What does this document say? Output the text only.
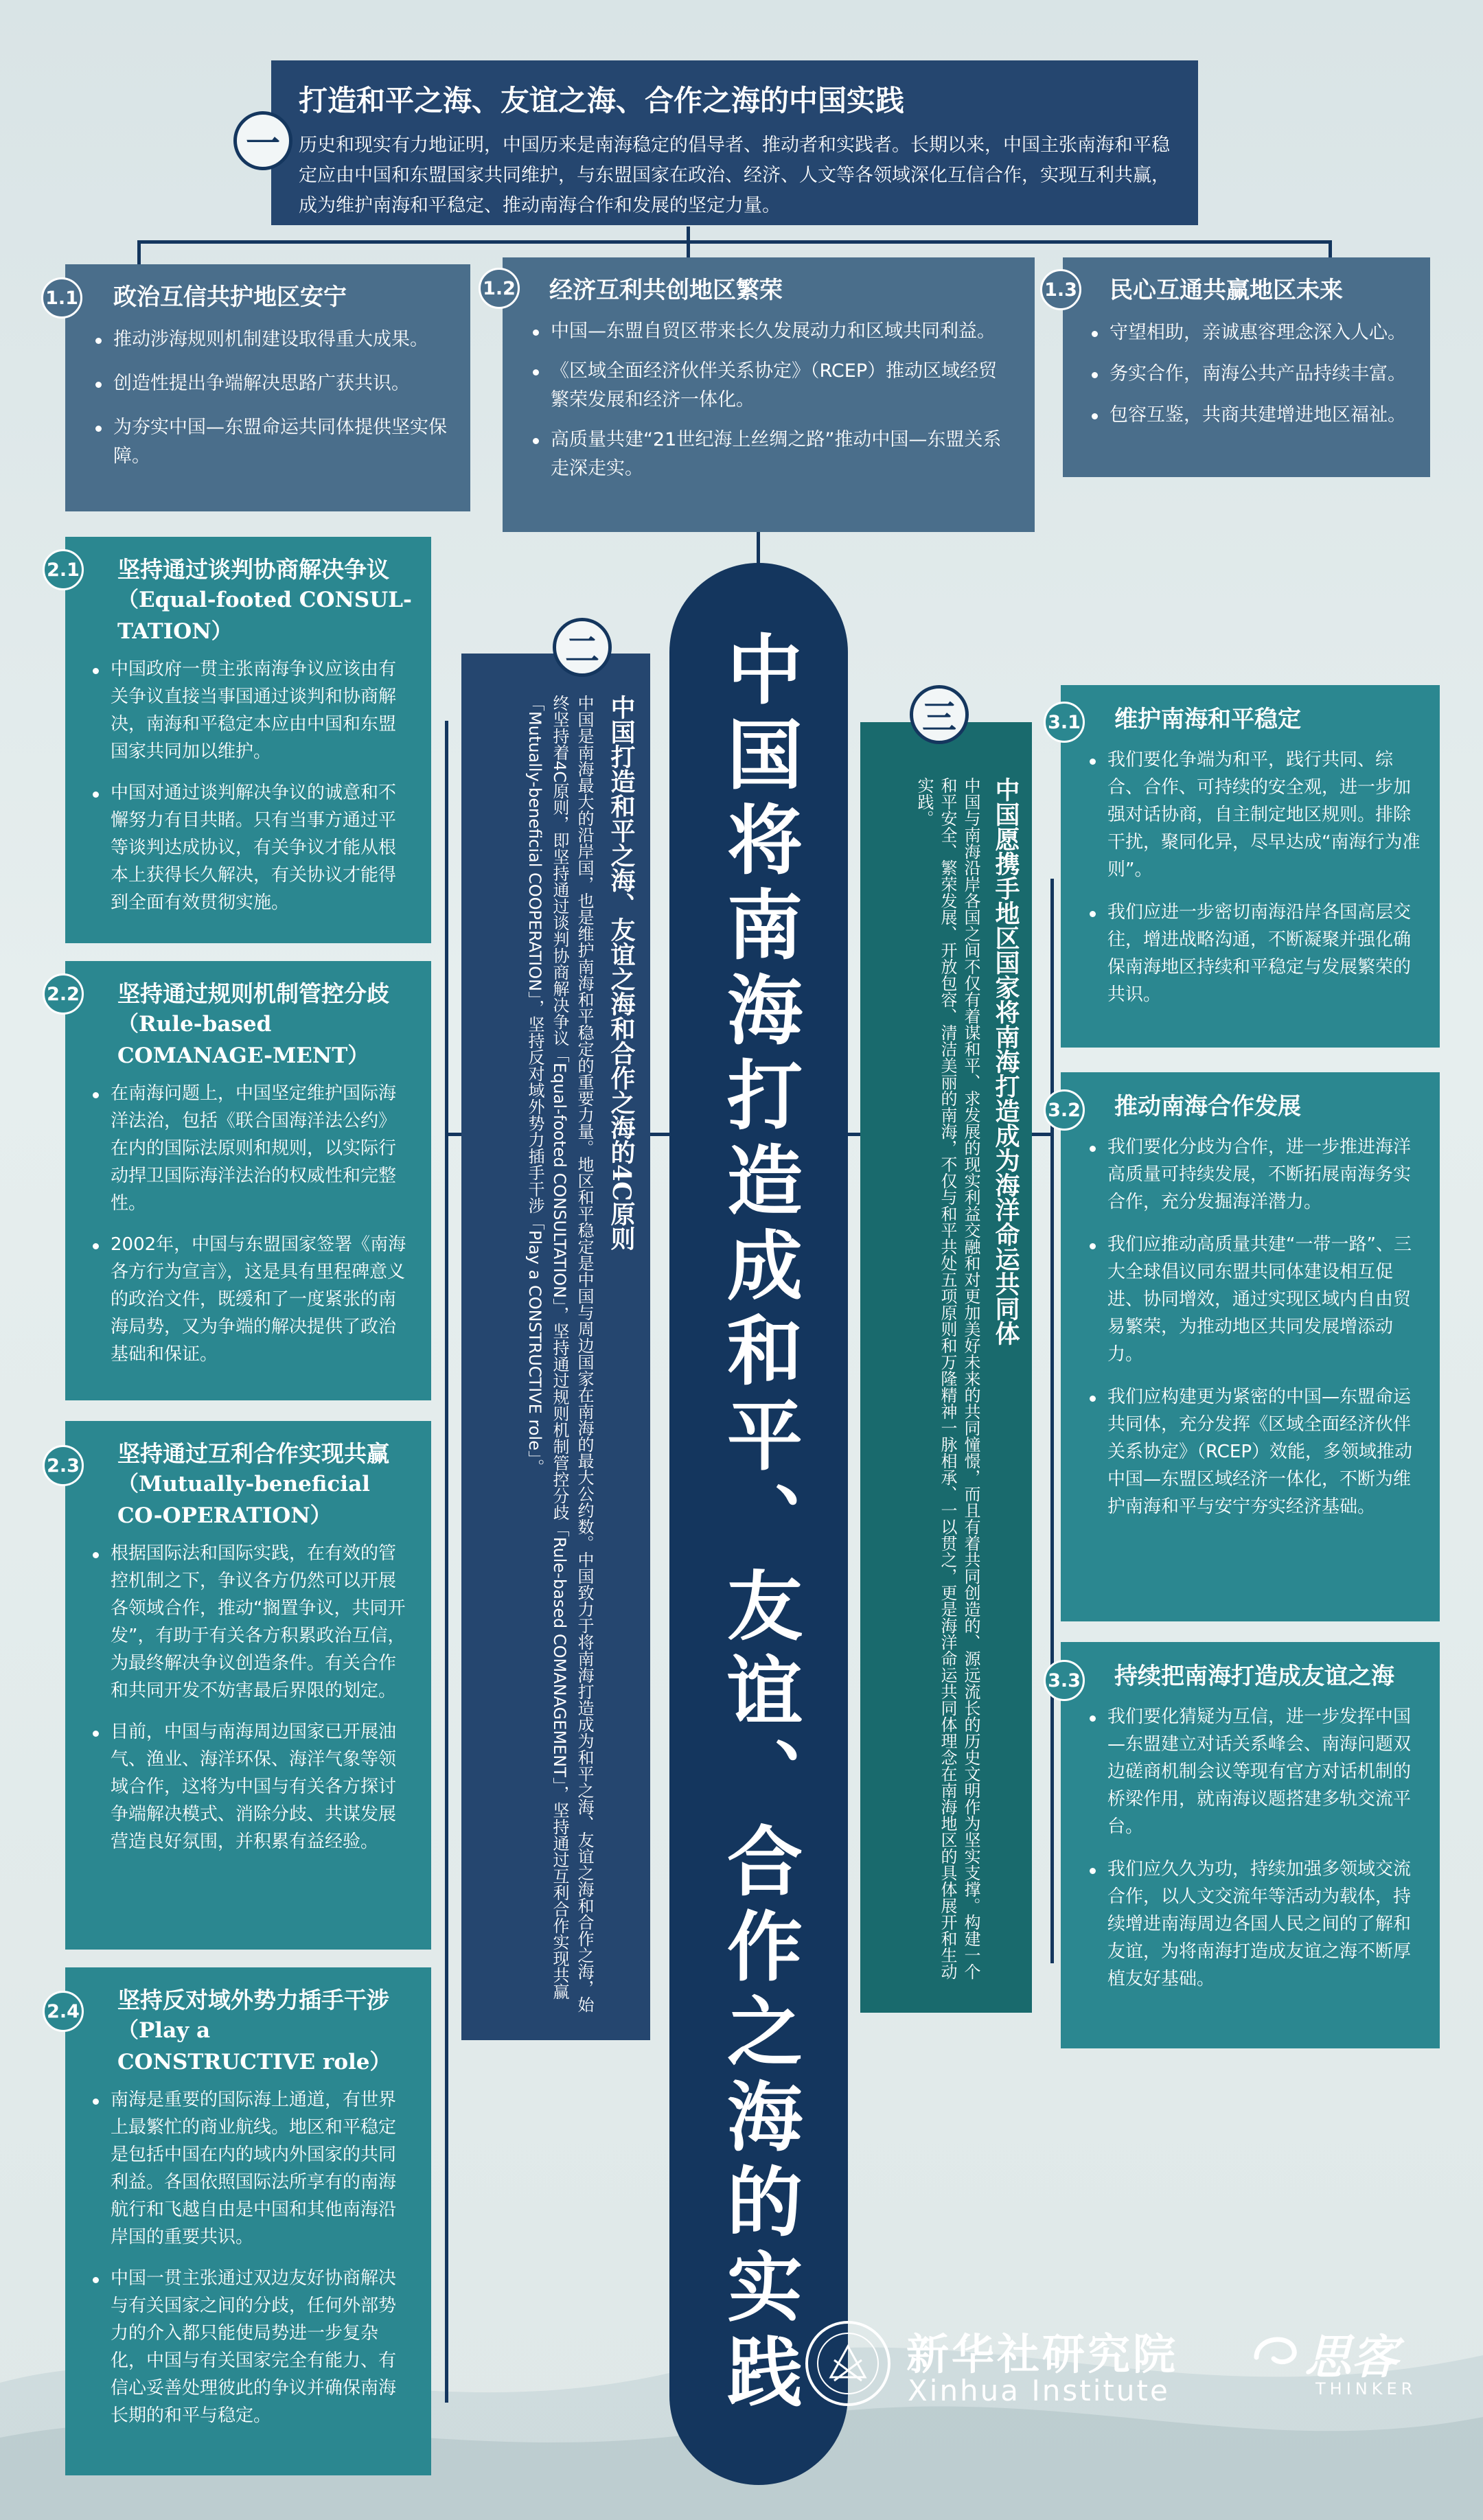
打造和平之海、友谊之海、合作之海的中国实践
历史和现实有力地证明，中国历来是南海稳定的倡导者、推动者和实践者。长期以来，中国主张南海和平稳定应由中国和东盟国家共同维护，与东盟国家在政治、经济、人文等各领域深化互信合作，实现互利共赢，成为维护南海和平稳定、推动南海合作和发展的坚定力量。
一
政治互信共护地区安宁
推动涉海规则机制建设取得重大成果。
创造性提出争端解决思路广获共识。
为夯实中国—东盟命运共同体提供坚实保障。
1.1	经济互利共创地区繁荣
中国—东盟自贸区带来长久发展动力和区域共同利益。
《区域全面经济伙伴关系协定》（RCEP）推动区域经贸繁荣发展和经济一体化。
高质量共建“21世纪海上丝绸之路”推动中国—东盟关系走深走实。
1.2	民心互通共赢地区未来
守望相助，亲诚惠容理念深入人心。
务实合作，南海公共产品持续丰富。
包容互鉴，共商共建增进地区福祉。
1.3
中国将南海打造成和平、友谊、合作之海的实践
中国打造和平之海、友谊之海和合作之海的4C原则
中国是南海最大的沿岸国，也是维护南海和平稳定的重要力量。地区和平稳定是中国与周边国家在南海的最大公约数。中国致力于将南海打造成为和平之海、友谊之海和合作之海，始终坚持着4C原则，即坚持通过谈判协商解决争议「Equal-footed CONSULTATION」，坚持通过规则机制管控分歧「Rule-based COMANAGEMENT」，坚持通过互利合作实现共赢「Mutually-beneficial COOPERATION」，坚持反对域外势力插手干涉「Play a CONSTRUCTIVE role」。
二
中国愿携手地区国家将南海打造成为海洋命运共同体
中国与南海沿岸各国之间不仅有着谋和平、求发展的现实利益交融和对更加美好未来的共同憧憬，而且有着共同创造的、源远流长的历史文明作为坚实支撑。构建一个和平安全、繁荣发展、开放包容、清洁美丽的南海，不仅与和平共处五项原则和万隆精神一脉相承、一以贯之，更是海洋命运共同体理念在南海地区的具体展开和生动实践。
三
坚持通过谈判协商解决争议
（Equal-footed CONSUL-TATION）
中国政府一贯主张南海争议应该由有关争议直接当事国通过谈判和协商解决，南海和平稳定本应由中国和东盟国家共同加以维护。
中国对通过谈判解决争议的诚意和不懈努力有目共睹。只有当事方通过平等谈判达成协议，有关争议才能从根本上获得长久解决，有关协议才能得到全面有效贯彻实施。
2.1
坚持通过规则机制管控分歧
（Rule-based COMANAGE-MENT）
在南海问题上，中国坚定维护国际海洋法治，包括《联合国海洋法公约》在内的国际法原则和规则，以实际行动捍卫国际海洋法治的权威性和完整性。
2002年，中国与东盟国家签署《南海各方行为宣言》，这是具有里程碑意义的政治文件，既缓和了一度紧张的南海局势，又为争端的解决提供了政治基础和保证。
2.2
坚持通过互利合作实现共赢
（Mutually-beneficial CO-OPERATION）
根据国际法和国际实践，在有效的管控机制之下，争议各方仍然可以开展各领域合作，推动“搁置争议，共同开发”，有助于有关各方积累政治互信，为最终解决争议创造条件。有关合作和共同开发不妨害最后界限的划定。
目前，中国与南海周边国家已开展油气、渔业、海洋环保、海洋气象等领域合作，这将为中国与有关各方探讨争端解决模式、消除分歧、共谋发展营造良好氛围，并积累有益经验。
2.3
坚持反对域外势力插手干涉
（Play a CONSTRUCTIVE role）
南海是重要的国际海上通道，有世界上最繁忙的商业航线。地区和平稳定是包括中国在内的域内外国家的共同利益。各国依照国际法所享有的南海航行和飞越自由是中国和其他南海沿岸国的重要共识。
中国一贯主张通过双边友好协商解决与有关国家之间的分歧，任何外部势力的介入都只能使局势进一步复杂化，中国与有关国家完全有能力、有信心妥善处理彼此的争议并确保南海长期的和平与稳定。
2.4
维护南海和平稳定
我们要化争端为和平，践行共同、综合、合作、可持续的安全观，进一步加强对话协商，自主制定地区规则。排除干扰，聚同化异，尽早达成“南海行为准则”。
我们应进一步密切南海沿岸各国高层交往，增进战略沟通，不断凝聚并强化确保南海地区持续和平稳定与发展繁荣的共识。
3.1
推动南海合作发展
我们要化分歧为合作，进一步推进海洋高质量可持续发展，不断拓展南海务实合作，充分发掘海洋潜力。
我们应推动高质量共建“一带一路”、三大全球倡议同东盟共同体建设相互促进、协同增效，通过实现区域内自由贸易繁荣，为推动地区共同发展增添动力。
我们应构建更为紧密的中国—东盟命运共同体，充分发挥《区域全面经济伙伴关系协定》（RCEP）效能，多领域推动中国—东盟区域经济一体化，不断为维护南海和平与安宁夯实经济基础。
3.2
持续把南海打造成友谊之海
我们要化猜疑为互信，进一步发挥中国—东盟建立对话关系峰会、南海问题双边磋商机制会议等现有官方对话机制的桥梁作用，就南海议题搭建多轨交流平台。
我们应久久为功，持续加强多领域交流合作，以人文交流年等活动为载体，持续增进南海周边各国人民之间的了解和友谊，为将南海打造成友谊之海不断厚植友好基础。
3.3
新华社研究院
Xinhua Institute
思客
THINKER
